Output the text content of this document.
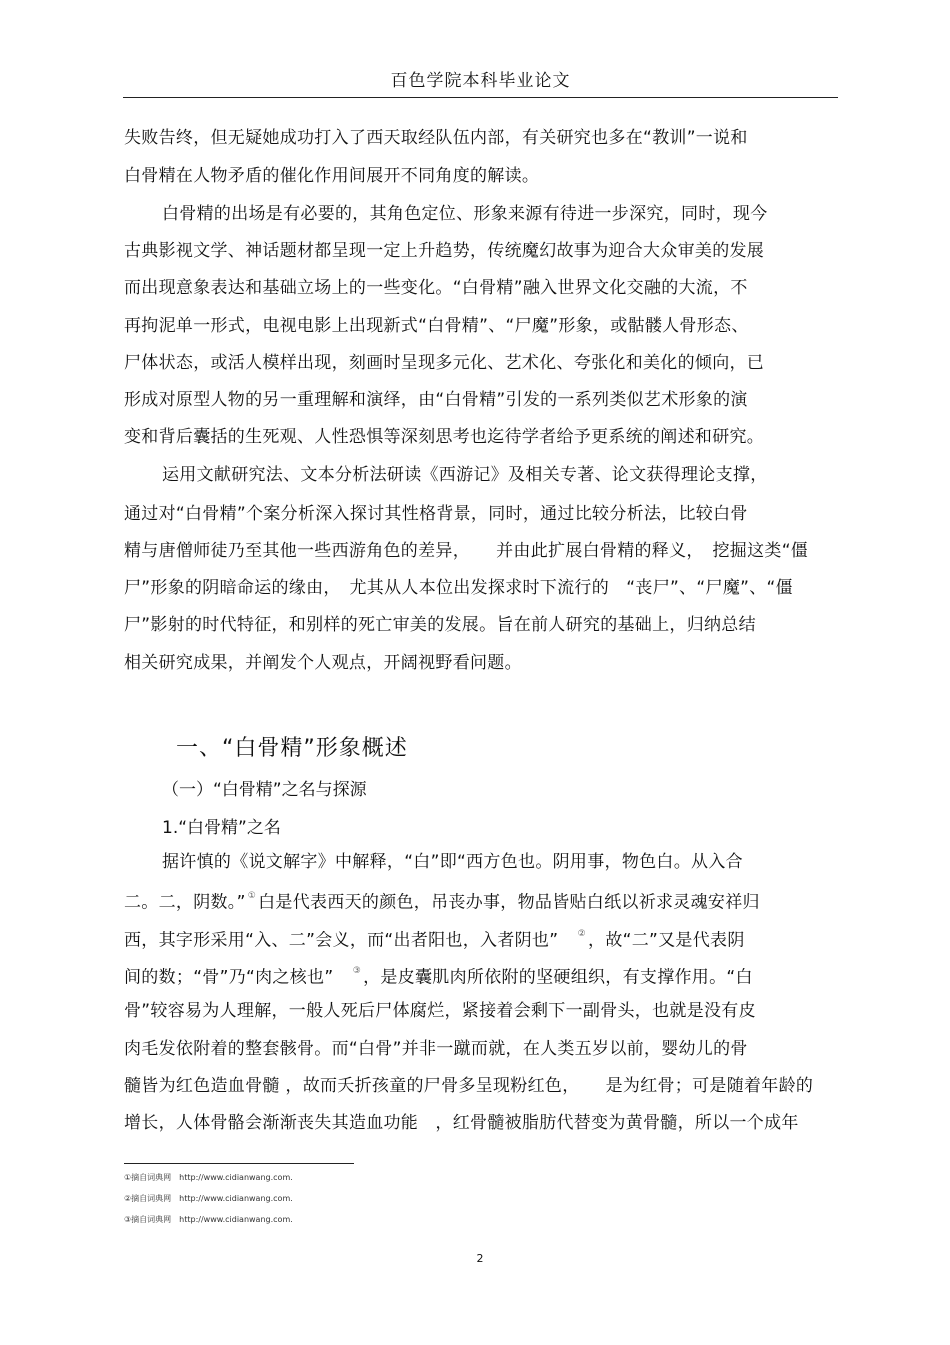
百色学院本科毕业论文
失败告终，但无疑她成功打入了西天取经队伍内部，有关研究也多在“教训”一说和
白骨精在人物矛盾的催化作用间展开不同角度的解读。
白骨精的出场是有必要的，其角色定位、形象来源有待进一步深究，同时，现今
古典影视文学、神话题材都呈现一定上升趋势，传统魔幻故事为迎合大众审美的发展
而出现意象表达和基础立场上的一些变化。“白骨精”融入世界文化交融的大流，不
再拘泥单一形式，电视电影上出现新式“白骨精”、“尸魔”形象，或骷髅人骨形态、
尸体状态，或活人模样出现，刻画时呈现多元化、艺术化、夸张化和美化的倾向，已
形成对原型人物的另一重理解和演绎，由“白骨精”引发的一系列类似艺术形象的演
变和背后囊括的生死观、人性恐惧等深刻思考也迄待学者给予更系统的阐述和研究。
运用文献研究法、文本分析法研读《西游记》及相关专著、论文获得理论支撑，
通过对“白骨精”个案分析深入探讨其性格背景，同时，通过比较分析法，比较白骨
精与唐僧师徒乃至其他一些西游角色的差异，　　并由此扩展白骨精的释义，　挖掘这类“僵
尸”形象的阴暗命运的缘由，　尤其从人本位出发探求时下流行的　“丧尸”、“尸魔”、“僵
尸”影射的时代特征，和别样的死亡审美的发展。旨在前人研究的基础上，归纳总结
相关研究成果，并阐发个人观点，开阔视野看问题。
据许慎的《说文解字》中解释，“白”即“西方色也。阴用事，物色白。从入合
二。二，阴数。” ① 白是代表西天的颜色，吊丧办事，物品皆贴白纸以祈求灵魂安祥归
西，其字形采用“入、二”会义，而“出者阳也，入者阴也”　② ，故“二”又是代表阴
间的数；“骨”乃“肉之核也”　③ ，是皮囊肌肉所依附的坚硬组织，有支撑作用。“白
骨”较容易为人理解，一般人死后尸体腐烂，紧接着会剩下一副骨头，也就是没有皮
肉毛发依附着的整套骸骨。而“白骨”并非一蹴而就，在人类五岁以前，婴幼儿的骨
髓皆为红色造血骨髓 ，故而夭折孩童的尸骨多呈现粉红色，　　是为红骨；可是随着年龄的
增长，人体骨骼会渐渐丧失其造血功能　，红骨髓被脂肪代替变为黄骨髓，所以一个成年
一、“白骨精”形象概述
（一）“白骨精”之名与探源
1.“白骨精”之名
①摘自词典网 http://www.cidianwang.com.
②摘自词典网 http://www.cidianwang.com.
③摘自词典网 http://www.cidianwang.com.
2
